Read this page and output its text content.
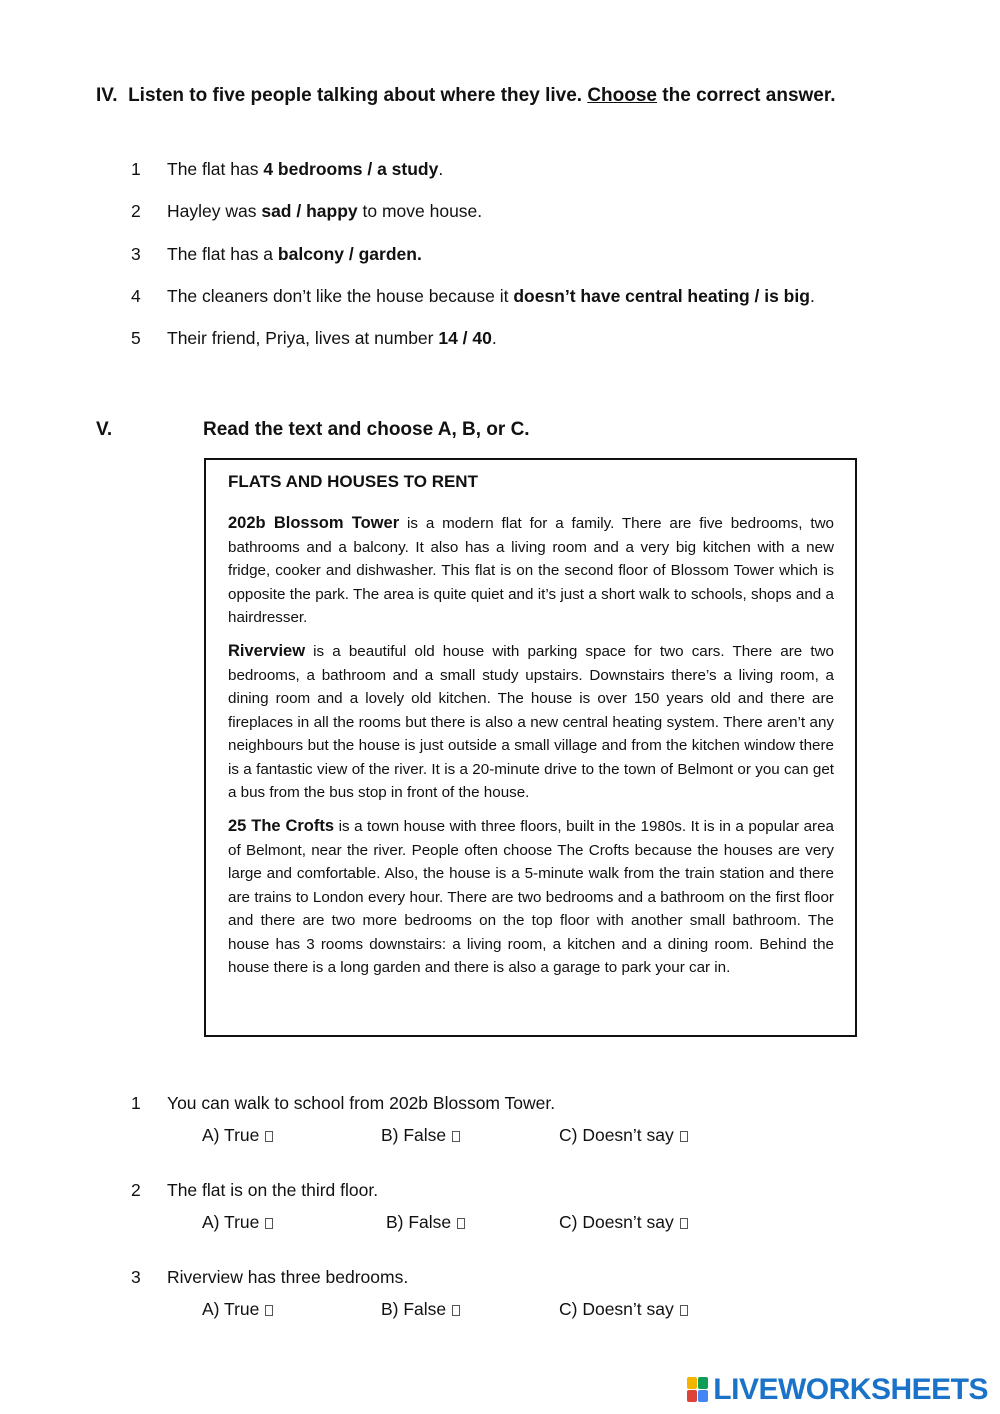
IV. Listen to five people talking about where they live. Choose the correct answer.
1 The flat has 4 bedrooms / a study.
2 Hayley was sad / happy to move house.
3 The flat has a balcony / garden.
4 The cleaners don’t like the house because it doesn’t have central heating / is big.
5 Their friend, Priya, lives at number 14 / 40.
V.	Read the text and choose A, B, or C.
FLATS AND HOUSES TO RENT
202b Blossom Tower is a modern flat for a family. There are five bedrooms, two bathrooms and a balcony. It also has a living room and a very big kitchen with a new fridge, cooker and dishwasher. This flat is on the second floor of Blossom Tower which is opposite the park. The area is quite quiet and it’s just a short walk to schools, shops and a hairdresser.
Riverview is a beautiful old house with parking space for two cars. There are two bedrooms, a bathroom and a small study upstairs. Downstairs there’s a living room, a dining room and a lovely old kitchen. The house is over 150 years old and there are fireplaces in all the rooms but there is also a new central heating system. There aren’t any neighbours but the house is just outside a small village and from the kitchen window there is a fantastic view of the river. It is a 20-minute drive to the town of Belmont or you can get a bus from the bus stop in front of the house.
25 The Crofts is a town house with three floors, built in the 1980s. It is in a popular area of Belmont, near the river. People often choose The Crofts because the houses are very large and comfortable. Also, the house is a 5-minute walk from the train station and there are trains to London every hour. There are two bedrooms and a bathroom on the first floor and there are two more bedrooms on the top floor with another small bathroom. The house has 3 rooms downstairs: a living room, a kitchen and a dining room. Behind the house there is a long garden and there is also a garage to park your car in.
1 You can walk to school from 202b Blossom Tower.
A) True	B) False	C) Doesn’t say
2 The flat is on the third floor.
A) True	B) False	C) Doesn’t say
3 Riverview has three bedrooms.
A) True	B) False	C) Doesn’t say
LIVEWORKSHEETS
